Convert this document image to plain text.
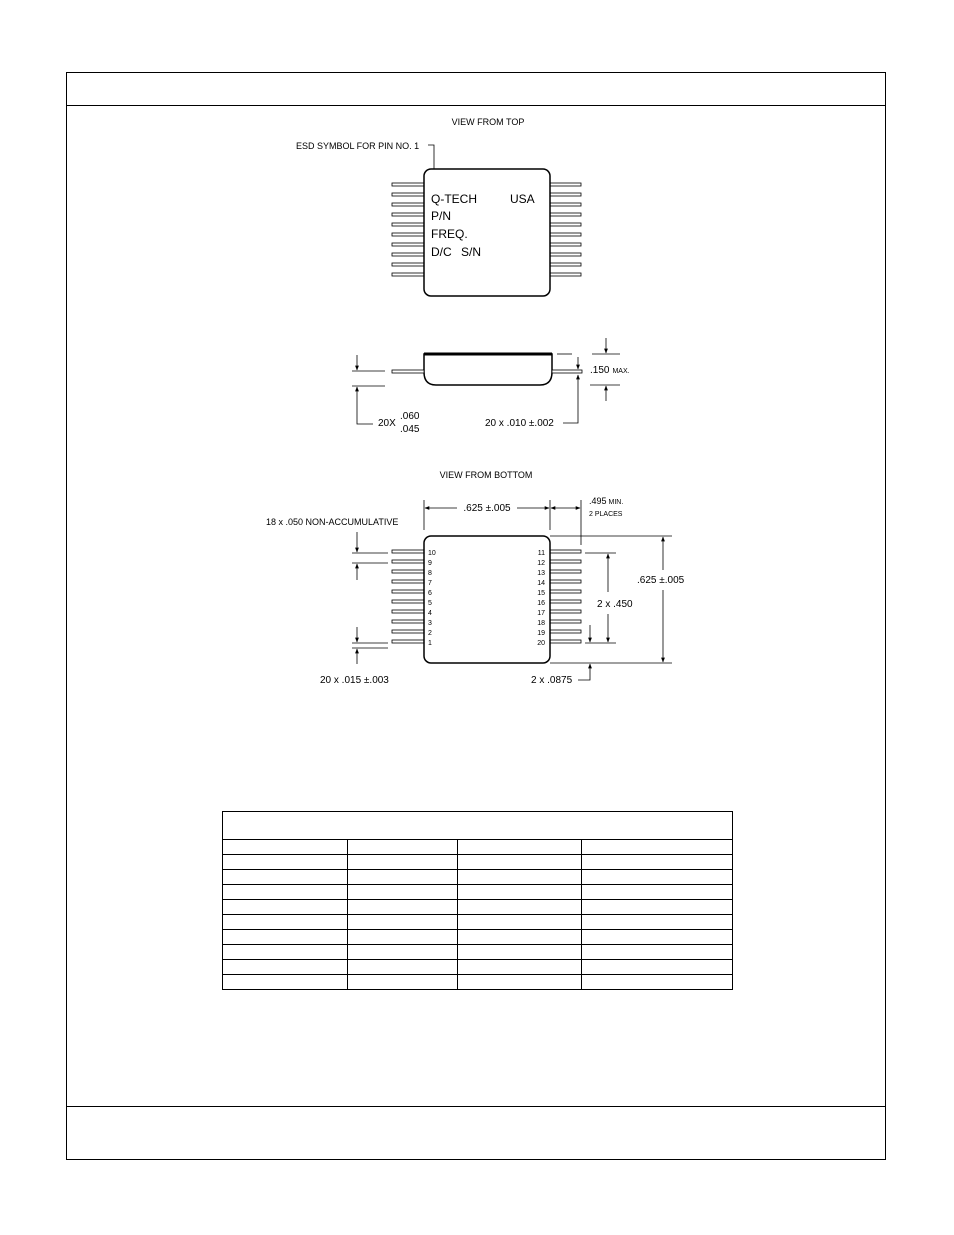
VIEW FROM TOP
ESD SYMBOL FOR PIN NO. 1
Q-TECH	USA
P/N
FREQ.
D/C S/N
.150 MAX.
20X
.060
.045
20 x .010 ±.002
VIEW FROM BOTTOM
10
9
8
7
6
5
4
3
2
1
11
12
13
14
15
16
17
18
19
20
.625 ±.005
.495 MIN.
2 PLACES
18 x .050 NON-ACCUMULATIVE
20 x .015 ±.003
2 x .450
.625 ±.005
2 x .0875
